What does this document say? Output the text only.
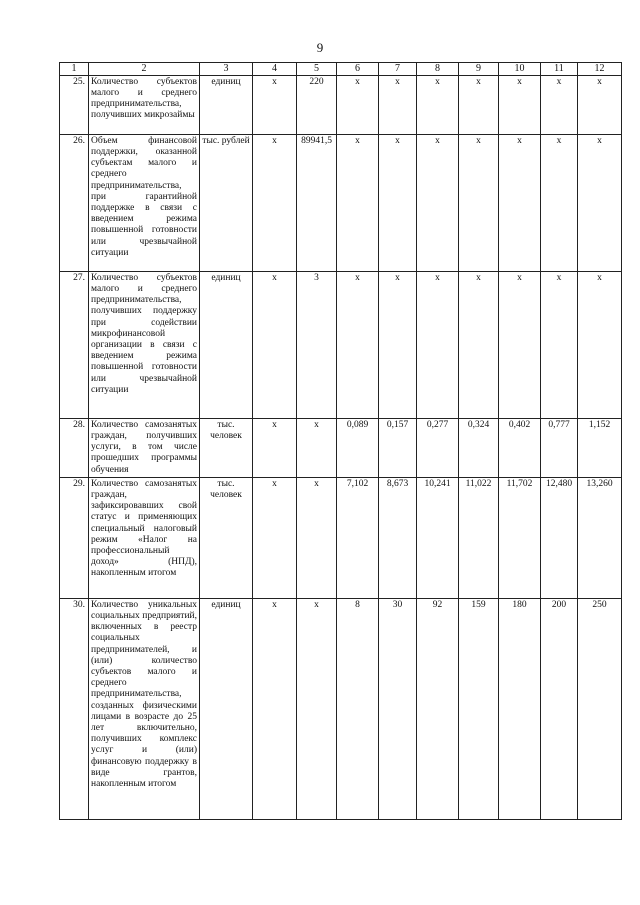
9
1	2	3	4	5	6	7	8	9	10	11	12
25.	Количество субъектов малого и среднего предпринимательства, получивших микрозаймы	единиц	x	220	x	x	x	x	x	x	x
26.	Объем финансовой поддержки, оказанной субъектам малого и среднего предпринимательства, при гарантийной поддержке в связи с введением режима повышенной готовности или чрезвычайной ситуации	тыс. рублей	x	89941,5	x	x	x	x	x	x	x
27.	Количество субъектов малого и среднего предпринимательства, получивших поддержку при содействии микрофинансовой организации в связи с введением режима повышенной готовности или чрезвычайной ситуации	единиц	x	3	x	x	x	x	x	x	x
28.	Количество самозанятых граждан, получивших услуги, в том числе прошедших программы обучения	тыс. человек	x	x	0,089	0,157	0,277	0,324	0,402	0,777	1,152
29.	Количество самозанятых граждан, зафиксировавших свой статус и применяющих специальный налоговый режим «Налог на профессиональный доход» (НПД), накопленным итогом	тыс. человек	x	x	7,102	8,673	10,241	11,022	11,702	12,480	13,260
30.	Количество уникальных социальных предприятий, включенных в реестр социальных предпринимателей, и (или) количество субъектов малого и среднего предпринимательства, созданных физическими лицами в возрасте до 25 лет включительно, получивших комплекс услуг и (или) финансовую поддержку в виде грантов, накопленным итогом	единиц	x	x	8	30	92	159	180	200	250
